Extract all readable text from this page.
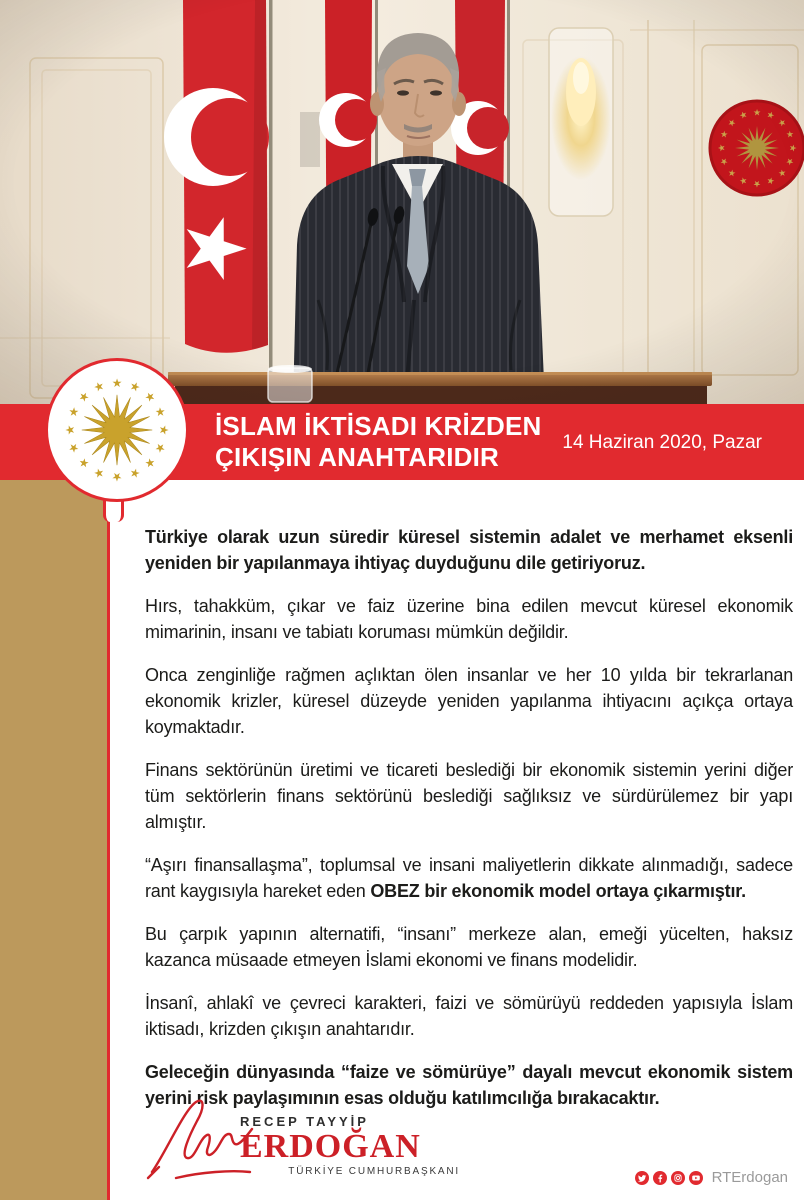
İSLAM İKTİSADI KRİZDEN
ÇIKIŞIN ANAHTARIDIR	14 Haziran 2020, Pazar
★ ★
★
★
★
★
★
★
★
★
★
★
★
★
★
★

Türkiye olarak uzun süredir küresel sistemin adalet ve merhamet eksenli yeniden bir yapılanmaya ihtiyaç duyduğunu dile getiriyoruz.

Hırs, tahakküm, çıkar ve faiz üzerine bina edilen mevcut küresel ekonomik mimarinin, insanı ve tabiatı koruması mümkün değildir.

Onca zenginliğe rağmen açlıktan ölen insanlar ve her 10 yılda bir tekrarlanan ekonomik krizler, küresel düzeyde yeniden yapılanma ihtiyacını açıkça ortaya koymaktadır.

Finans sektörünün üretimi ve ticareti beslediği bir ekonomik sistemin yerini diğer tüm sektörlerin finans sektörünü beslediği sağlıksız ve sürdürülemez bir yapı almıştır.

“Aşırı finansallaşma”, toplumsal ve insani maliyetlerin dikkate alınmadığı, sadece rant kaygısıyla hareket eden OBEZ bir ekonomik model ortaya çıkarmıştır.

Bu çarpık yapının alternatifi, “insanı” merkeze alan, emeği yücelten, haksız kazanca müsaade etmeyen İslami ekonomi ve finans modelidir.

İnsanî, ahlakî ve çevreci karakteri, faizi ve sömürüyü reddeden yapısıyla İslam iktisadı, krizden çıkışın anahtarıdır.

Geleceğin dünyasında “faize ve sömürüye” dayalı mevcut ekonomik sistem yerini risk paylaşımının esas olduğu katılımcılığa bırakacaktır.

RECEP TAYYİP
ERDOĞAN
TÜRKİYE CUMHURBAŞKANI	RTErdogan
